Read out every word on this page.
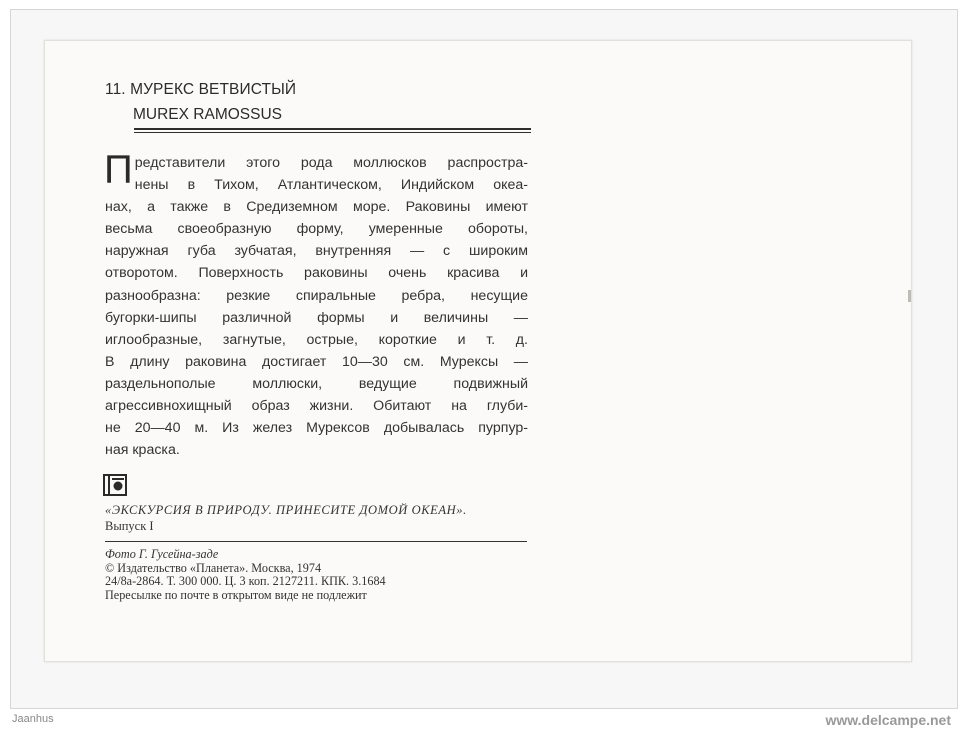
11. МУРЕКС ВЕТВИСТЫЙ
MUREX RAMOSSUS
П редставители этого рода моллюсков распростра-
нены в Тихом, Атлантическом, Индийском океа-
нах, а также в Средиземном море. Раковины имеют
весьма своеобразную форму, умеренные обороты,
наружная губа зубчатая, внутренняя — с широким
отворотом. Поверхность раковины очень красива и
разнообразна: резкие спиральные ребра, несущие
бугорки-шипы различной формы и величины —
иглообразные, загнутые, острые, короткие и т. д.
В длину раковина достигает 10—30 см. Мурексы —
раздельнополые моллюски, ведущие подвижный
агрессивнохищный образ жизни. Обитают на глуби-
не 20—40 м. Из желез Мурексов добывалась пурпур-
ная краска.
«ЭКСКУРСИЯ В ПРИРОДУ. ПРИНЕСИТЕ ДОМОЙ ОКЕАН».
Выпуск I
Фото Г. Гусейна-заде
© Издательство «Планета». Москва, 1974
24/8а-2864. Т. 300 000. Ц. 3 коп. 2127211. КПК. 3.1684
Пересылке по почте в открытом виде не подлежит
Jaanhus	www.delcampe.net
